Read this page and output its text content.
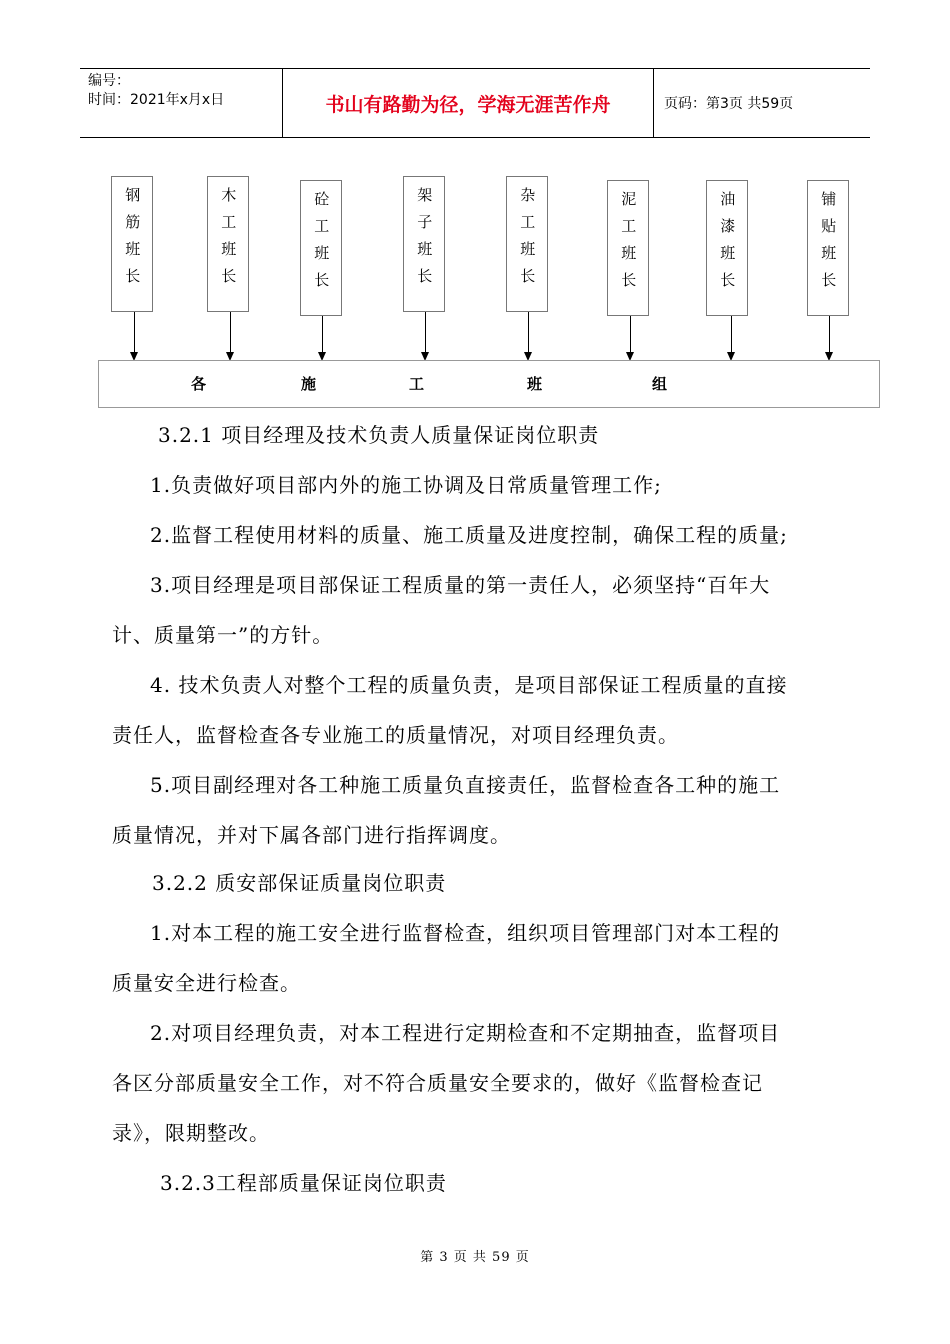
编号：
时间：2021年x月x日	书山有路勤为径，学海无涯苦作舟	页码：第3页 共59页
钢筋班长	木工班长	砼工班长	架子班长	杂工班长	泥工班长	油漆班长	铺贴班长
各	施	工	班	组

3.2.1 项目经理及技术负责人质量保证岗位职责

1.负责做好项目部内外的施工协调及日常质量管理工作;

2.监督工程使用材料的质量、施工质量及进度控制，确保工程的质量;

3.项目经理是项目部保证工程质量的第一责任人，必须坚持“百年大

计、质量第一”的方针。

4. 技术负责人对整个工程的质量负责，是项目部保证工程质量的直接

责任人，监督检查各专业施工的质量情况，对项目经理负责。

5.项目副经理对各工种施工质量负直接责任，监督检查各工种的施工

质量情况，并对下属各部门进行指挥调度。

3.2.2 质安部保证质量岗位职责

1.对本工程的施工安全进行监督检查，组织项目管理部门对本工程的

质量安全进行检查。

2.对项目经理负责，对本工程进行定期检查和不定期抽查，监督项目

各区分部质量安全工作，对不符合质量安全要求的，做好《监督检查记

录》，限期整改。

3.2.3工程部质量保证岗位职责

第 3 页 共 59 页
